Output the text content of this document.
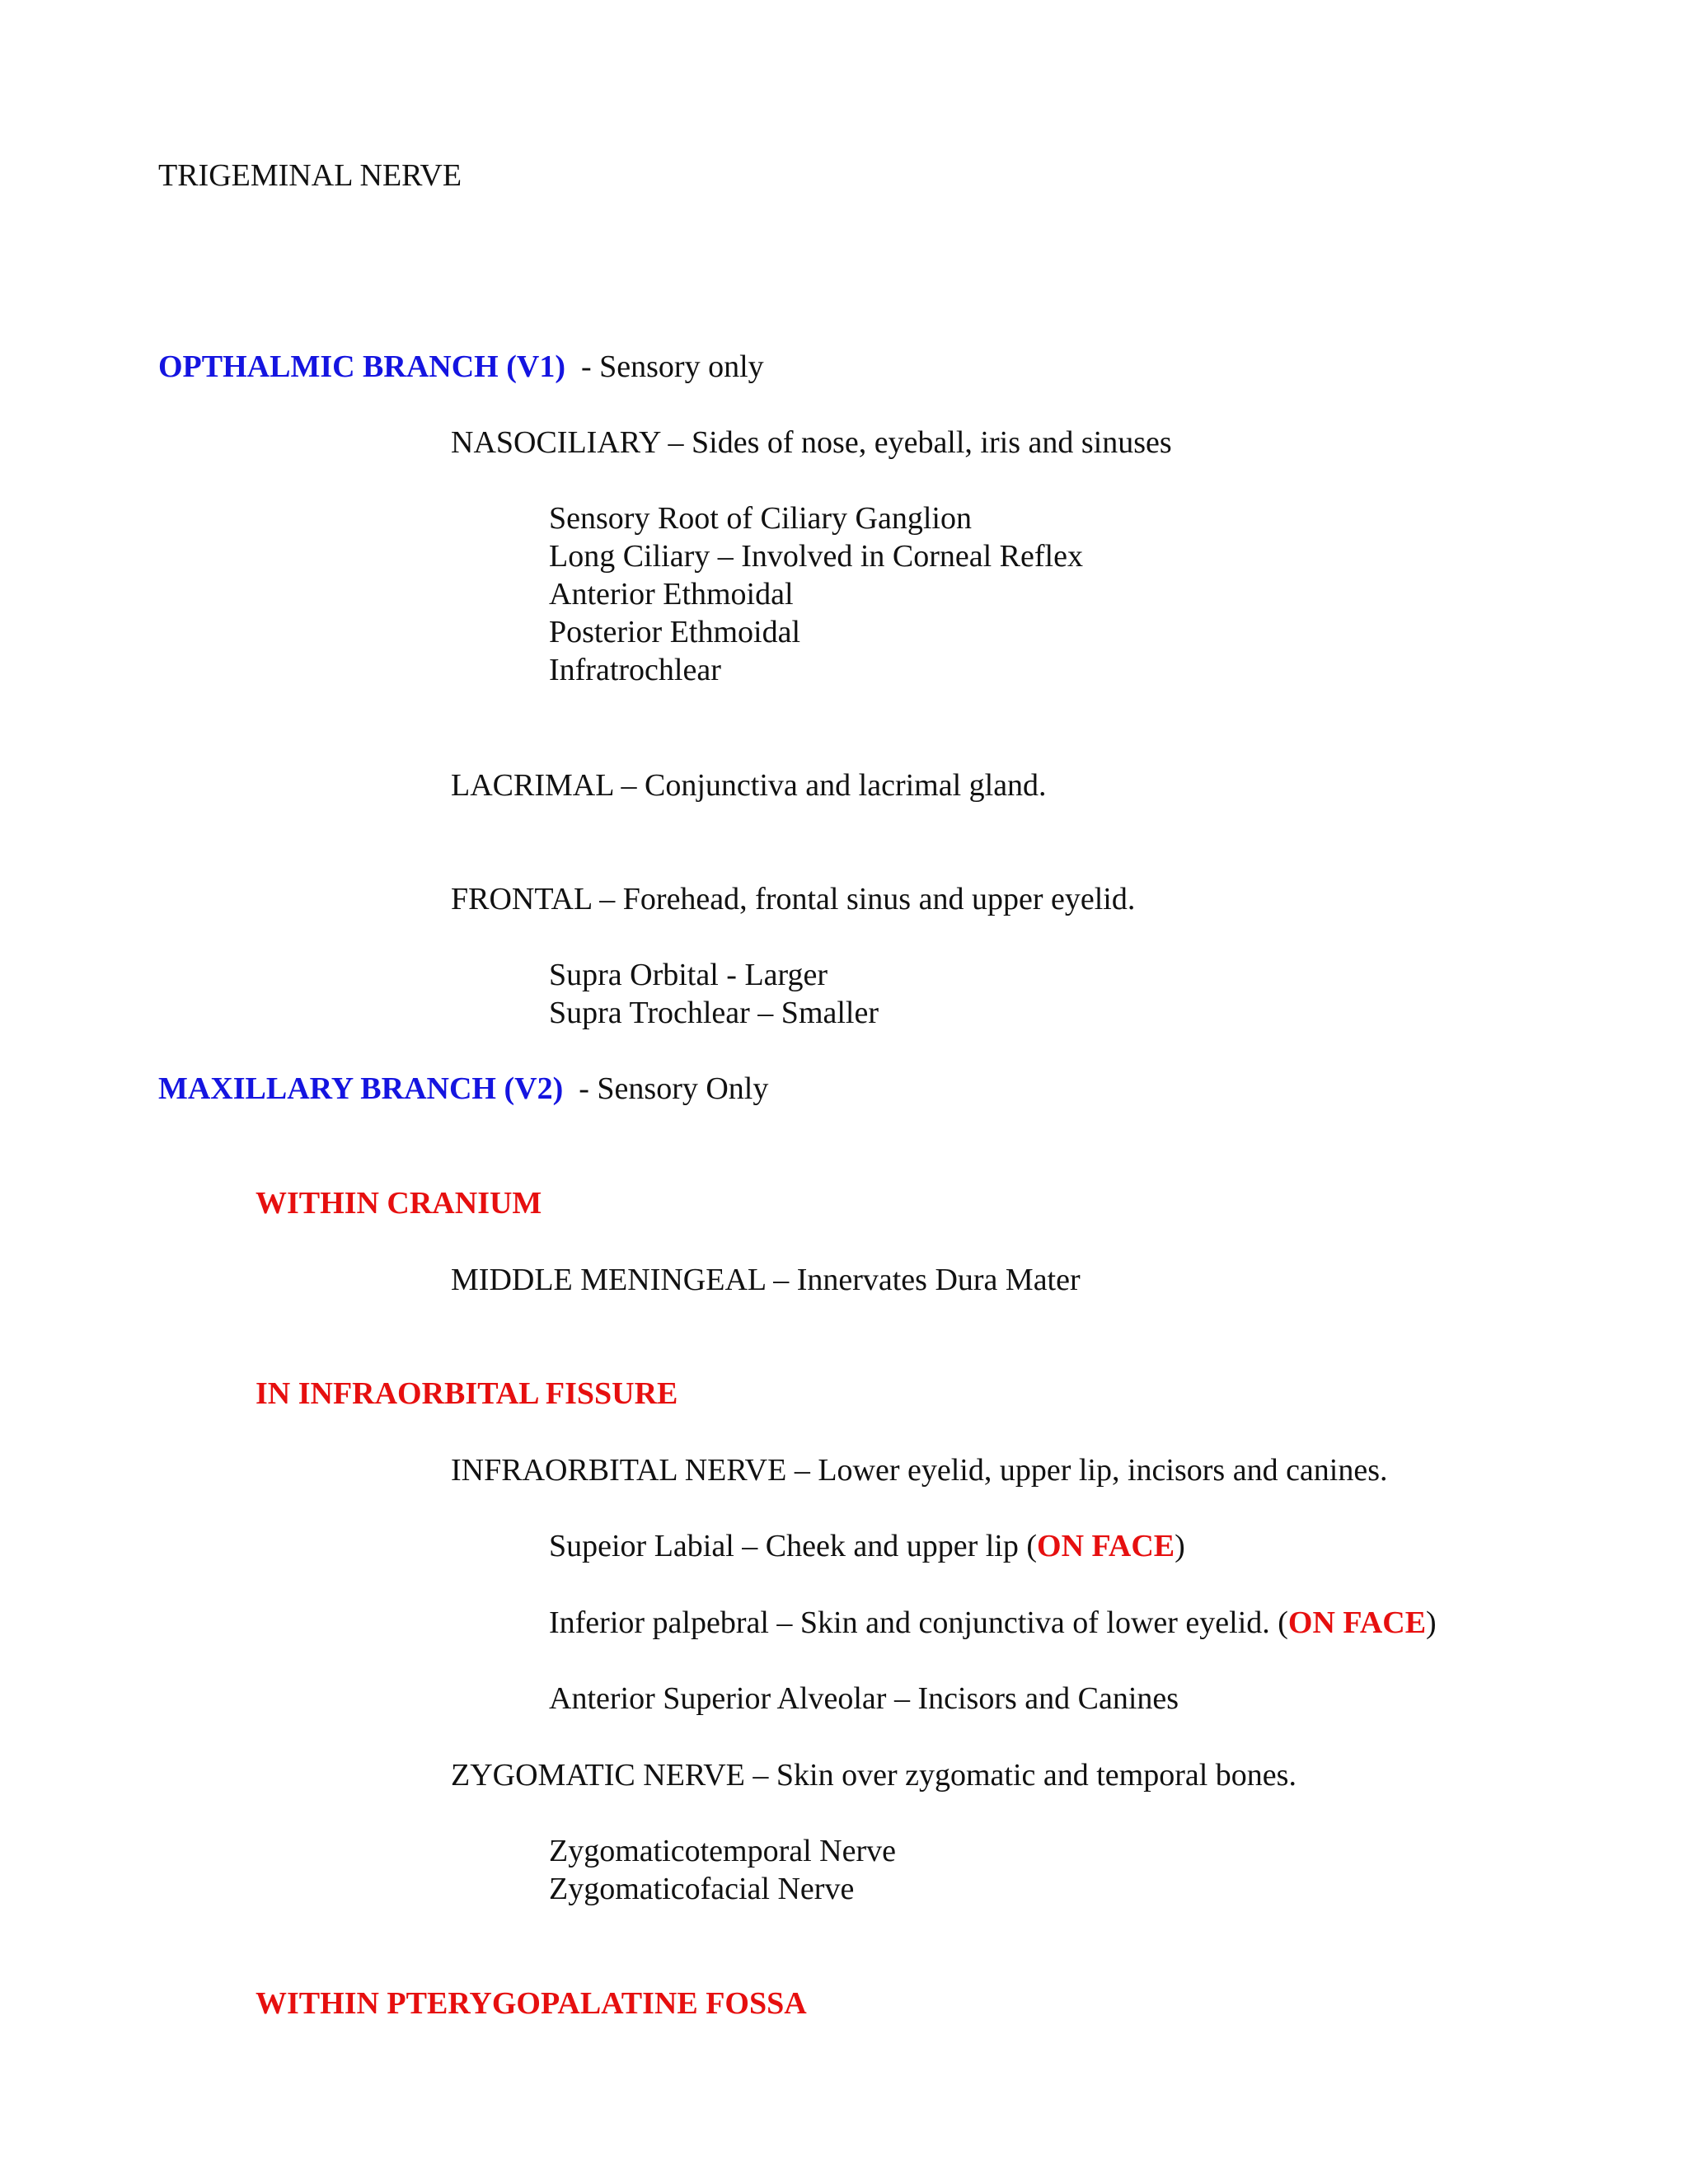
TRIGEMINAL NERVE
OPTHALMIC BRANCH (V1)  - Sensory only
NASOCILIARY – Sides of nose, eyeball, iris and sinuses
Sensory Root of Ciliary Ganglion
Long Ciliary – Involved in Corneal Reflex
Anterior Ethmoidal
Posterior Ethmoidal
Infratrochlear
LACRIMAL – Conjunctiva and lacrimal gland.
FRONTAL – Forehead, frontal sinus and upper eyelid.
Supra Orbital - Larger
Supra Trochlear – Smaller
MAXILLARY BRANCH (V2)  - Sensory Only
WITHIN CRANIUM
MIDDLE MENINGEAL – Innervates Dura Mater
IN INFRAORBITAL FISSURE
INFRAORBITAL NERVE – Lower eyelid, upper lip, incisors and canines.
Supeior Labial – Cheek and upper lip (ON FACE)
Inferior palpebral – Skin and conjunctiva of lower eyelid. (ON FACE)
Anterior Superior Alveolar – Incisors and Canines
ZYGOMATIC NERVE – Skin over zygomatic and temporal bones.
Zygomaticotemporal Nerve
Zygomaticofacial Nerve
WITHIN PTERYGOPALATINE FOSSA
